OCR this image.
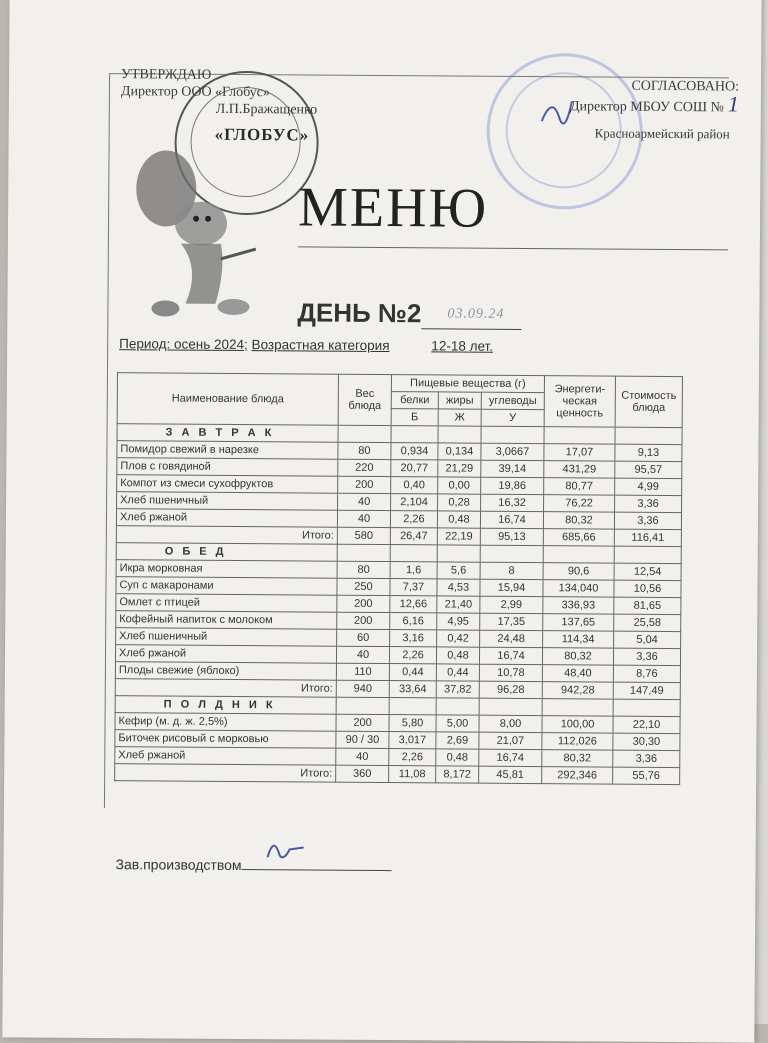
«ГЛОБУС»
УТВЕРЖДАЮ
Директор ООО «Глобус»
Л.П.Бражащенко
СОГЛАСОВАНО:
Директор МБОУ СОШ № 1
Красноармейский район
МЕНЮ
ДЕНЬ №2	03.09.24
Период: осень 2024; Возрастная категория	12-18 лет.
Наименование блюда	Вес блюда	Пищевые вещества (г)			Энергети-ческая ценность	Стоимость блюда
		белки	жиры	углеводы		
		Б	Ж	У		
З А В Т Р А К						
Помидор свежий в нарезке	80	0,934	0,134	3,0667	17,07	9,13
Плов с говядиной	220	20,77	21,29	39,14	431,29	95,57
Компот из смеси сухофруктов	200	0,40	0,00	19,86	80,77	4,99
Хлеб пшеничный	40	2,104	0,28	16,32	76,22	3,36
Хлеб ржаной	40	2,26	0,48	16,74	80,32	3,36
Итого:	580	26,47	22,19	95,13	685,66	116,41
О Б Е Д						
Икра морковная	80	1,6	5,6	8	90,6	12,54
Суп с макаронами	250	7,37	4,53	15,94	134,040	10,56
Омлет с птицей	200	12,66	21,40	2,99	336,93	81,65
Кофейный напиток с молоком	200	6,16	4,95	17,35	137,65	25,58
Хлеб пшеничный	60	3,16	0,42	24,48	114,34	5,04
Хлеб ржаной	40	2,26	0,48	16,74	80,32	3,36
Плоды свежие (яблоко)	110	0,44	0,44	10,78	48,40	8,76
Итого:	940	33,64	37,82	96,28	942,28	147,49
П О Л Д Н И К						
Кефир (м. д. ж. 2,5%)	200	5,80	5,00	8,00	100,00	22,10
Биточек рисовый с морковью	90 / 30	3,017	2,69	21,07	112,026	30,30
Хлеб ржаной	40	2,26	0,48	16,74	80,32	3,36
Итого:	360	11,08	8,172	45,81	292,346	55,76
Зав.производством
